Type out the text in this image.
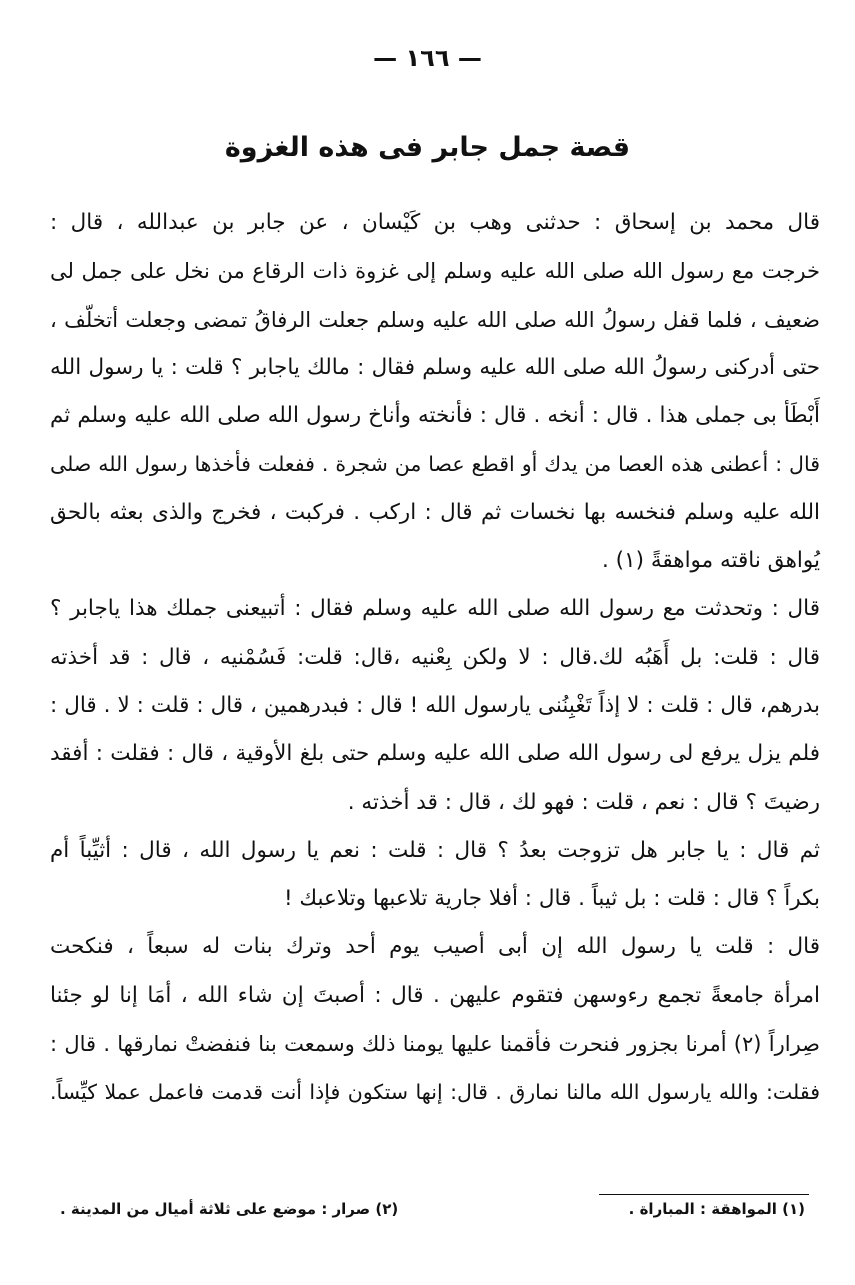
— ١٦٦ —
قصة جمل جابر فى هذه الغزوة
قال محمد بن إسحاق : حدثنى وهب بن كَيْسان ، عن جابر بن عبدالله ، قال :
خرجت مع رسول الله صلى الله عليه وسلم إلى غزوة ذات الرقاع من نخل على جمل لى
ضعيف ، فلما قفل رسولُ الله صلى الله عليه وسلم جعلت الرفاقُ تمضى وجعلت أتخلّف ،
حتى أدركنى رسولُ الله صلى الله عليه وسلم فقال : مالك ياجابر ؟ قلت : يا رسول الله
أَبْطَأ بى جملى هذا . قال : أنخه . قال : فأنخته وأناخ رسول الله صلى الله عليه وسلم ثم
قال : أعطنى هذه العصا من يدك أو اقطع عصا من شجرة . ففعلت فأخذها رسول الله صلى
الله عليه وسلم فنخسه بها نخسات ثم قال : اركب . فركبت ، فخرج والذى بعثه بالحق
يُواهق ناقته مواهقةً (١) .
قال : وتحدثت مع رسول الله صلى الله عليه وسلم فقال : أتبيعنى جملك هذا ياجابر ؟
قال : قلت: بل أَهَبُه لك.قال : لا ولكن بِعْنيه ،قال: قلت: فَسُمْنيه ، قال : قد أخذته
بدرهم، قال : قلت : لا إذاً تَغْبِنُنى يارسول الله ! قال : فبدرهمين ، قال : قلت : لا . قال :
فلم يزل يرفع لى رسول الله صلى الله عليه وسلم حتى بلغ الأوقية ، قال : فقلت : أفقد
رضيتَ ؟ قال : نعم ، قلت : فهو لك ، قال : قد أخذته .
ثم قال : يا جابر هل تزوجت بعدُ ؟ قال : قلت : نعم يا رسول الله ، قال : أثيِّباً أم
بكراً ؟ قال : قلت : بل ثيباً . قال : أفلا جارية تلاعبها وتلاعبك !
قال : قلت يا رسول الله إن أبى أصيب يوم أحد وترك بنات له سبعاً ، فنكحت
امرأة جامعةً تجمع رءوسهن فتقوم عليهن . قال : أصبتَ إن شاء الله ، أمَا إنا لو جئنا
صِراراً (٢) أمرنا بجزور فنحرت فأقمنا عليها يومنا ذلك وسمعت بنا فنفضتْ نمارقها . قال :
فقلت: والله يارسول الله مالنا نمارق . قال: إنها ستكون فإذا أنت قدمت فاعمل عملا كيِّساً.
(١) المواهقة : المباراة .
(٢) صرار : موضع على ثلاثة أميال من المدينة .
